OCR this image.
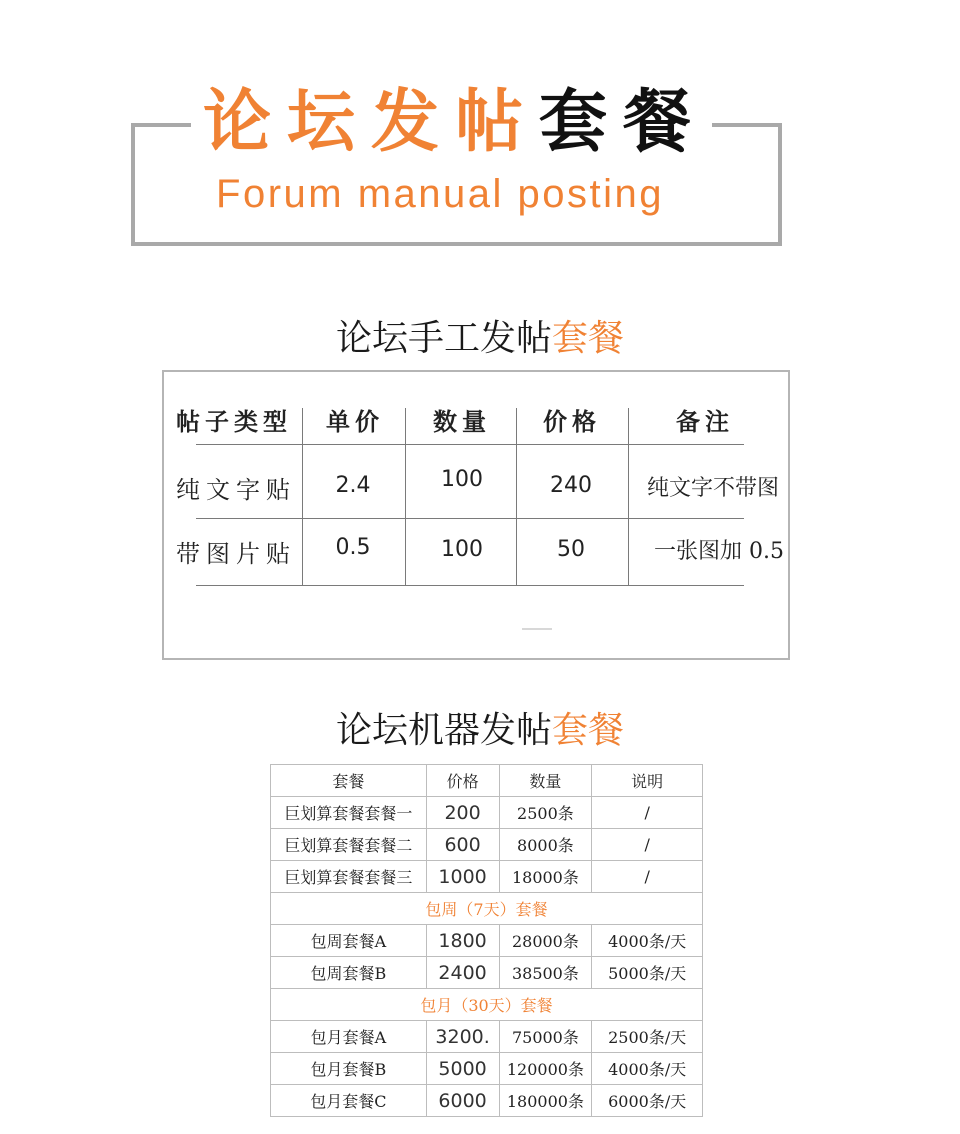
论坛发帖套餐
Forum manual posting
论坛手工发帖套餐
帖子类型	单价	数量	价格	备注
纯文字贴	2.4	100	240	纯文字不带图
带图片贴	0.5	100	50	一张图加 0.5
论坛机器发帖套餐
套餐	价格	数量	说明
巨划算套餐套餐一	200	2500条	/
巨划算套餐套餐二	600	8000条	/
巨划算套餐套餐三	1000	18000条	/
包周（7天）套餐			
包周套餐A	1800	28000条	4000条/天
包周套餐B	2400	38500条	5000条/天
包月（30天）套餐			
包月套餐A	3200.	75000条	2500条/天
包月套餐B	5000	120000条	4000条/天
包月套餐C	6000	180000条	6000条/天
